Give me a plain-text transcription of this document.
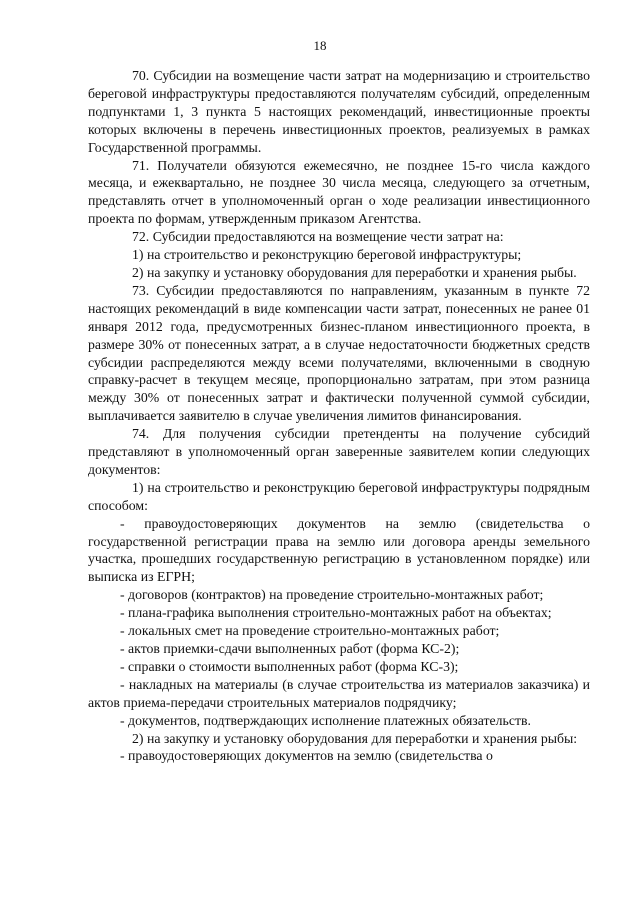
18

70. Субсидии на возмещение части затрат на модернизацию и строительство береговой инфраструктуры предоставляются получателям субсидий, определенным подпунктами 1, 3 пункта 5 настоящих рекомендаций, инвестиционные проекты которых включены в перечень инвестиционных проектов, реализуемых в рамках Государственной программы.

71. Получатели обязуются ежемесячно, не позднее 15-го числа каждого месяца, и ежеквартально, не позднее 30 числа месяца, следующего за отчетным, представлять отчет в уполномоченный орган о ходе реализации инвестиционного проекта по формам, утвержденным приказом Агентства.

72. Субсидии предоставляются на возмещение чести затрат на:

1) на строительство и реконструкцию береговой инфраструктуры;

2) на закупку и установку оборудования для переработки и хранения рыбы.

73. Субсидии предоставляются по направлениям, указанным в пункте 72 настоящих рекомендаций в виде компенсации части затрат, понесенных не ранее 01 января 2012 года, предусмотренных бизнес-планом инвестиционного проекта, в размере 30% от понесенных затрат, а в случае недостаточности бюджетных средств субсидии распределяются между всеми получателями, включенными в сводную справку-расчет в текущем месяце, пропорционально затратам, при этом разница между 30% от понесенных затрат и фактически полученной суммой субсидии, выплачивается заявителю в случае увеличения лимитов финансирования.

74. Для получения субсидии претенденты на получение субсидий представляют в уполномоченный орган заверенные заявителем копии следующих документов:

1) на строительство и реконструкцию береговой инфраструктуры подрядным способом:

- правоудостоверяющих документов на землю (свидетельства о государственной регистрации права на землю или договора аренды земельного участка, прошедших государственную регистрацию в установленном порядке) или выписка из ЕГРН;

- договоров (контрактов) на проведение строительно-монтажных работ;

- плана-графика выполнения строительно-монтажных работ на объектах;

- локальных смет на проведение строительно-монтажных работ;

- актов приемки-сдачи выполненных работ (форма КС-2);

- справки о стоимости выполненных работ (форма КС-3);

- накладных на материалы (в случае строительства из материалов заказчика) и актов приема-передачи строительных материалов подрядчику;

- документов, подтверждающих исполнение платежных обязательств.

2) на закупку и установку оборудования для переработки и хранения рыбы:

- правоудостоверяющих документов на землю (свидетельства о
